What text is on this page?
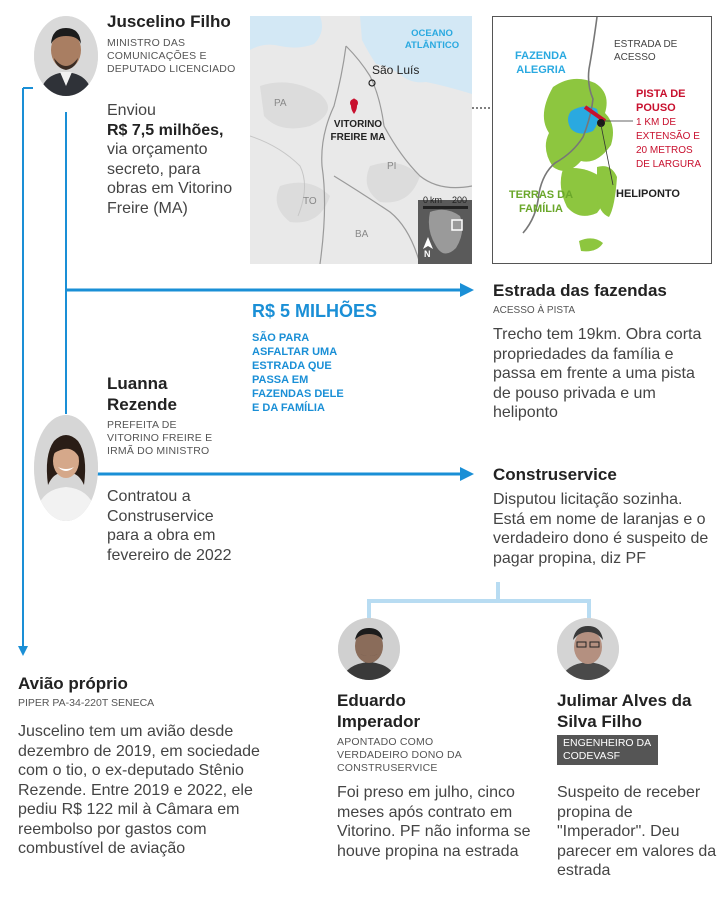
Juscelino Filho
MINISTRO DAS COMUNICAÇÕES E DEPUTADO LICENCIADO
Enviou
R$ 7,5 milhões, via orçamento secreto, para obras em Vitorino Freire (MA)
OCEANO ATLÂNTICO
São Luís
VITORINO FREIRE MA
PA
PI
TO
BA
0 km 200
N
ESTRADA DE ACESSO
FAZENDA ALEGRIA
PISTA DE POUSO
1 KM DE EXTENSÃO E 20 METROS DE LARGURA
TERRAS DA FAMÍLIA
HELIPONTO
R$ 5 MILHÕES
SÃO PARA ASFALTAR UMA ESTRADA QUE PASSA EM FAZENDAS DELE E DA FAMÍLIA
Estrada das fazendas
ACESSO À PISTA
Trecho tem 19km. Obra corta propriedades da família e passa em frente a uma pista de pouso privada e um heliponto
Luanna Rezende
PREFEITA DE VITORINO FREIRE E IRMÃ DO MINISTRO
Contratou a Construservice para a obra em fevereiro de 2022
Construservice
Disputou licitação sozinha. Está em nome de laranjas e o verdadeiro dono é suspeito de pagar propina, diz PF
Eduardo Imperador
APONTADO COMO VERDADEIRO DONO DA CONSTRUSERVICE
Foi preso em julho, cinco meses após contrato em Vitorino. PF não informa se houve propina na estrada
Julimar Alves da Silva Filho
ENGENHEIRO DA CODEVASF
Suspeito de receber propina de "Imperador". Deu parecer em valores da estrada
Avião próprio
PIPER PA-34-220T SENECA
Juscelino tem um avião desde dezembro de 2019, em sociedade com o tio, o ex-deputado Stênio Rezende. Entre 2019 e 2022, ele pediu R$ 122 mil à Câmara em reembolso por gastos com combustível de aviação
